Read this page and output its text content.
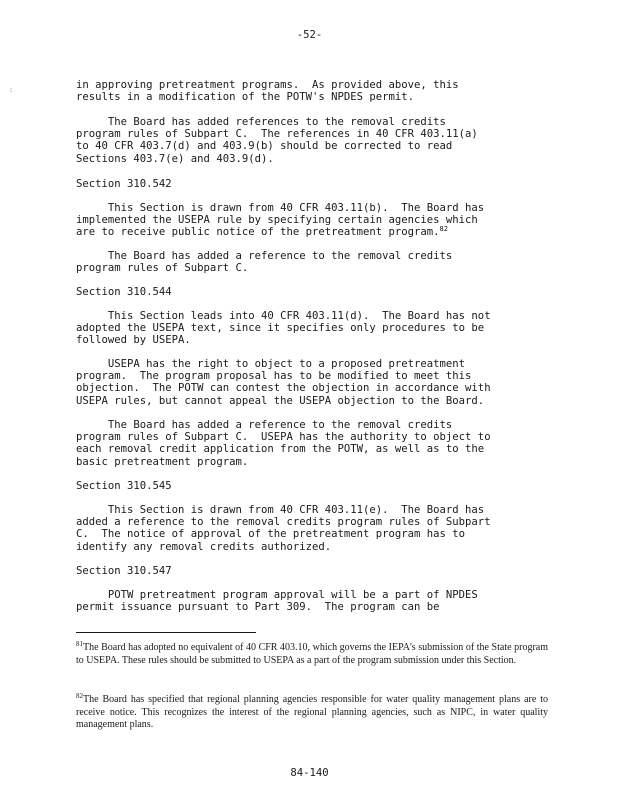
:
-52-
in approving pretreatment programs.  As provided above, this
results in a modification of the POTW's NPDES permit.
The Board has added references to the removal credits
program rules of Subpart C.  The references in 40 CFR 403.11(a)
to 40 CFR 403.7(d) and 403.9(b) should be corrected to read
Sections 403.7(e) and 403.9(d).
Section 310.542
This Section is drawn from 40 CFR 403.11(b).  The Board has
implemented the USEPA rule by specifying certain agencies which
are to receive public notice of the pretreatment program.$^{82}$
The Board has added a reference to the removal credits
program rules of Subpart C.
Section 310.544
This Section leads into 40 CFR 403.11(d).  The Board has not
adopted the USEPA text, since it specifies only procedures to be
followed by USEPA.
USEPA has the right to object to a proposed pretreatment
program.  The program proposal has to be modified to meet this
objection.  The POTW can contest the objection in accordance with
USEPA rules, but cannot appeal the USEPA objection to the Board.
The Board has added a reference to the removal credits
program rules of Subpart C.  USEPA has the authority to object to
each removal credit application from the POTW, as well as to the
basic pretreatment program.
Section 310.545
This Section is drawn from 40 CFR 403.11(e).  The Board has
added a reference to the removal credits program rules of Subpart
C.  The notice of approval of the pretreatment program has to
identify any removal credits authorized.
Section 310.547
POTW pretreatment program approval will be a part of NPDES
permit issuance pursuant to Part 309.  The program can be
$^{81}$The Board has adopted no equivalent of 40 CFR 403.10, which governs the IEPA's submission of the State program to USEPA. These rules should be submitted to USEPA as a part of the program submission under this Section.
$^{82}$The Board has specified that regional planning agencies responsible for water quality management plans are to receive notice. This recognizes the interest of the regional planning agencies, such as NIPC, in water quality management plans.
84-140
